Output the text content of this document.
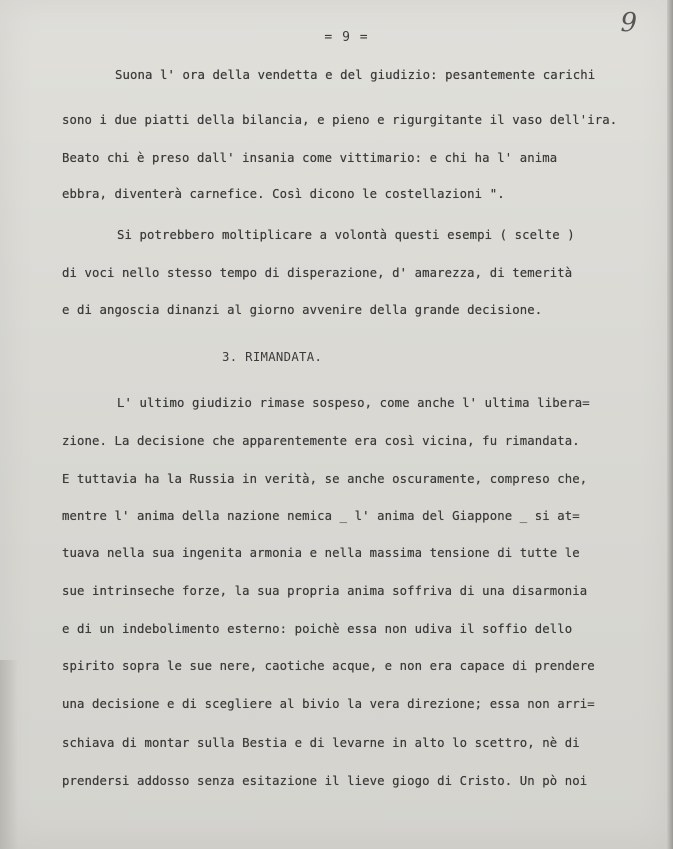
= 9 =	9
Suona l' ora della vendetta e del giudizio: pesantemente carichi
sono i due piatti della bilancia, e pieno e rigurgitante il vaso dell'ira.
Beato chi è preso dall' insania come vittimario: e chi ha l' anima
ebbra, diventerà carnefice. Così dicono le costellazioni ".
Si potrebbero moltiplicare a volontà questi esempi ( scelte )
di voci nello stesso tempo di disperazione, d' amarezza, di temerità
e di angoscia dinanzi al giorno avvenire della grande decisione.
3. RIMANDATA.
L' ultimo giudizio rimase sospeso, come anche l' ultima libera=
zione. La decisione che apparentemente era così vicina, fu rimandata.
E tuttavia ha la Russia in verità, se anche oscuramente, compreso che,
mentre l' anima della nazione nemica _ l' anima del Giappone _ si at=
tuava nella sua ingenita armonia e nella massima tensione di tutte le
sue intrinseche forze, la sua propria anima soffriva di una disarmonia
e di un indebolimento esterno: poichè essa non udiva il soffio dello
spirito sopra le sue nere, caotiche acque, e non era capace di prendere
una decisione e di scegliere al bivio la vera direzione; essa non arri=
schiava di montar sulla Bestia e di levarne in alto lo scettro, nè di
prendersi addosso senza esitazione il lieve giogo di Cristo. Un pò noi
